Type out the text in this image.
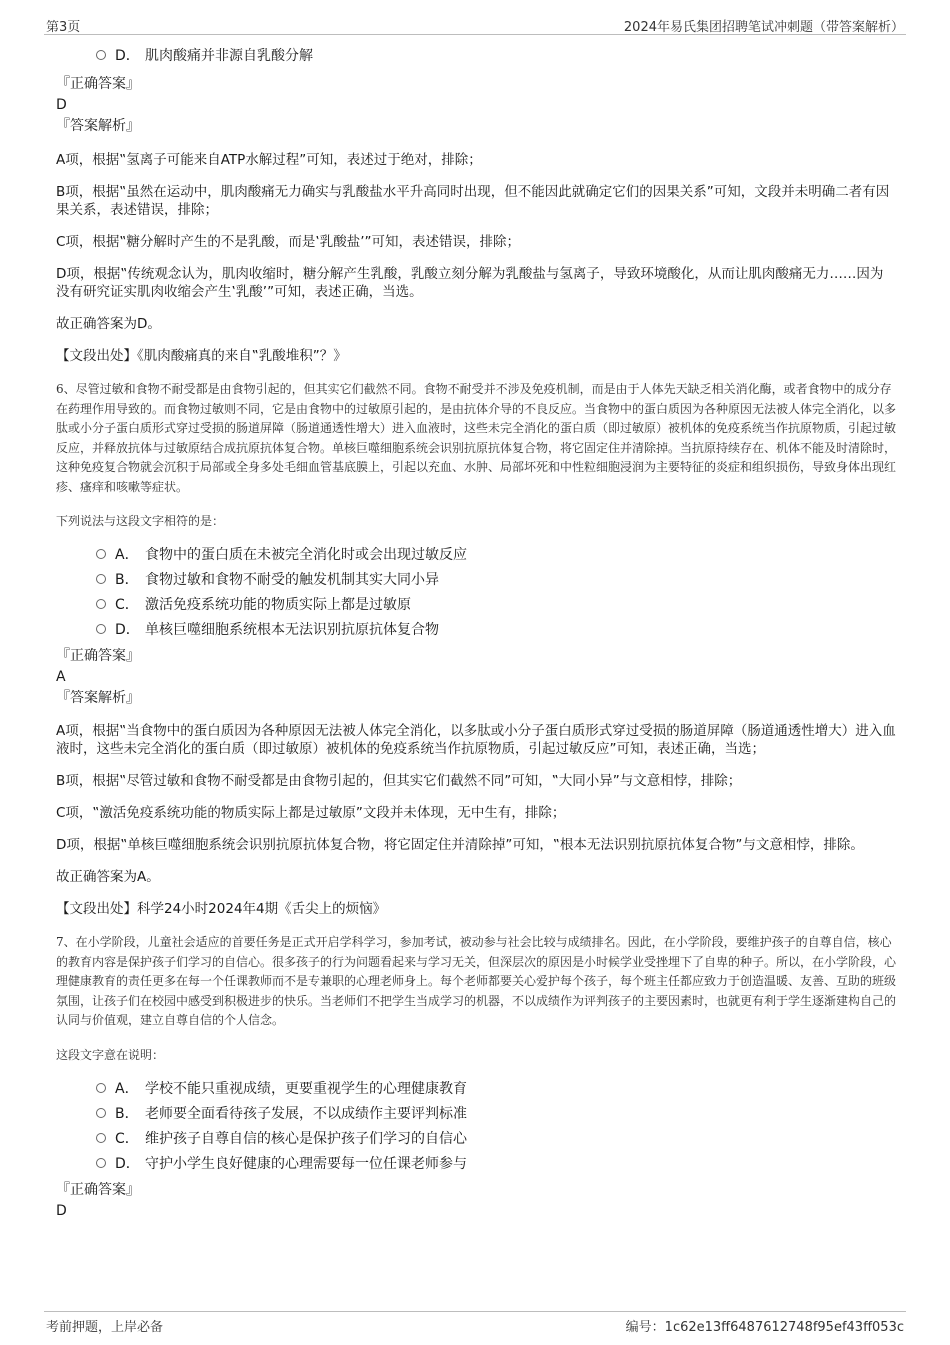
第3页	2024年易氏集团招聘笔试冲刺题（带答案解析）
D． 肌肉酸痛并非源自乳酸分解
『正确答案』
D
『答案解析』

A项，根据‟氢离子可能来自ATP水解过程”可知，表述过于绝对，排除；

B项，根据‟虽然在运动中，肌肉酸痛无力确实与乳酸盐水平升高同时出现，但不能因此就确定它们的因果关系”可知，文段并未明确二者有因果关系，表述错误，排除；

C项，根据‟糖分解时产生的不是乳酸，而是‛乳酸盐’”可知，表述错误，排除；

D项，根据‟传统观念认为，肌肉收缩时，糖分解产生乳酸，乳酸立刻分解为乳酸盐与氢离子，导致环境酸化，从而让肌肉酸痛无力……因为没有研究证实肌肉收缩会产生‛乳酸’”可知，表述正确，当选。

故正确答案为D。

【文段出处】《肌肉酸痛真的来自‟乳酸堆积”？》

6、尽管过敏和食物不耐受都是由食物引起的，但其实它们截然不同。食物不耐受并不涉及免疫机制，而是由于人体先天缺乏相关消化酶，或者食物中的成分存在药理作用导致的。而食物过敏则不同，它是由食物中的过敏原引起的，是由抗体介导的不良反应。当食物中的蛋白质因为各种原因无法被人体完全消化，以多肽或小分子蛋白质形式穿过受损的肠道屏障（肠道通透性增大）进入血液时，这些未完全消化的蛋白质（即过敏原）被机体的免疫系统当作抗原物质，引起过敏反应，并释放抗体与过敏原结合成抗原抗体复合物。单核巨噬细胞系统会识别抗原抗体复合物，将它固定住并清除掉。当抗原持续存在、机体不能及时清除时，这种免疫复合物就会沉积于局部或全身多处毛细血管基底膜上，引起以充血、水肿、局部坏死和中性粒细胞浸润为主要特征的炎症和组织损伤，导致身体出现红疹、瘙痒和咳嗽等症状。
下列说法与这段文字相符的是：
A． 食物中的蛋白质在未被完全消化时或会出现过敏反应
B． 食物过敏和食物不耐受的触发机制其实大同小异
C． 激活免疫系统功能的物质实际上都是过敏原
D． 单核巨噬细胞系统根本无法识别抗原抗体复合物
『正确答案』
A
『答案解析』

A项，根据‟当食物中的蛋白质因为各种原因无法被人体完全消化，以多肽或小分子蛋白质形式穿过受损的肠道屏障（肠道通透性增大）进入血液时，这些未完全消化的蛋白质（即过敏原）被机体的免疫系统当作抗原物质，引起过敏反应”可知，表述正确，当选；

B项，根据‟尽管过敏和食物不耐受都是由食物引起的，但其实它们截然不同”可知，‟大同小异”与文意相悖，排除；

C项，‟激活免疫系统功能的物质实际上都是过敏原”文段并未体现，无中生有，排除；

D项，根据‟单核巨噬细胞系统会识别抗原抗体复合物，将它固定住并清除掉”可知，‟根本无法识别抗原抗体复合物”与文意相悖，排除。

故正确答案为A。

【文段出处】科学24小时2024年4期《舌尖上的烦恼》

7、在小学阶段，儿童社会适应的首要任务是正式开启学科学习，参加考试，被动参与社会比较与成绩排名。因此，在小学阶段，要维护孩子的自尊自信，核心的教育内容是保护孩子们学习的自信心。很多孩子的行为问题看起来与学习无关，但深层次的原因是小时候学业受挫埋下了自卑的种子。所以，在小学阶段，心理健康教育的责任更多在每一个任课教师而不是专兼职的心理老师身上。每个老师都要关心爱护每个孩子，每个班主任都应致力于创造温暖、友善、互助的班级氛围，让孩子们在校园中感受到积极进步的快乐。当老师们不把学生当成学习的机器，不以成绩作为评判孩子的主要因素时，也就更有利于学生逐渐建构自己的认同与价值观，建立自尊自信的个人信念。
这段文字意在说明：
A． 学校不能只重视成绩，更要重视学生的心理健康教育
B． 老师要全面看待孩子发展，不以成绩作主要评判标准
C． 维护孩子自尊自信的核心是保护孩子们学习的自信心
D． 守护小学生良好健康的心理需要每一位任课老师参与
『正确答案』
D
考前押题，上岸必备	编号：1c62e13ff6487612748f95ef43ff053c
